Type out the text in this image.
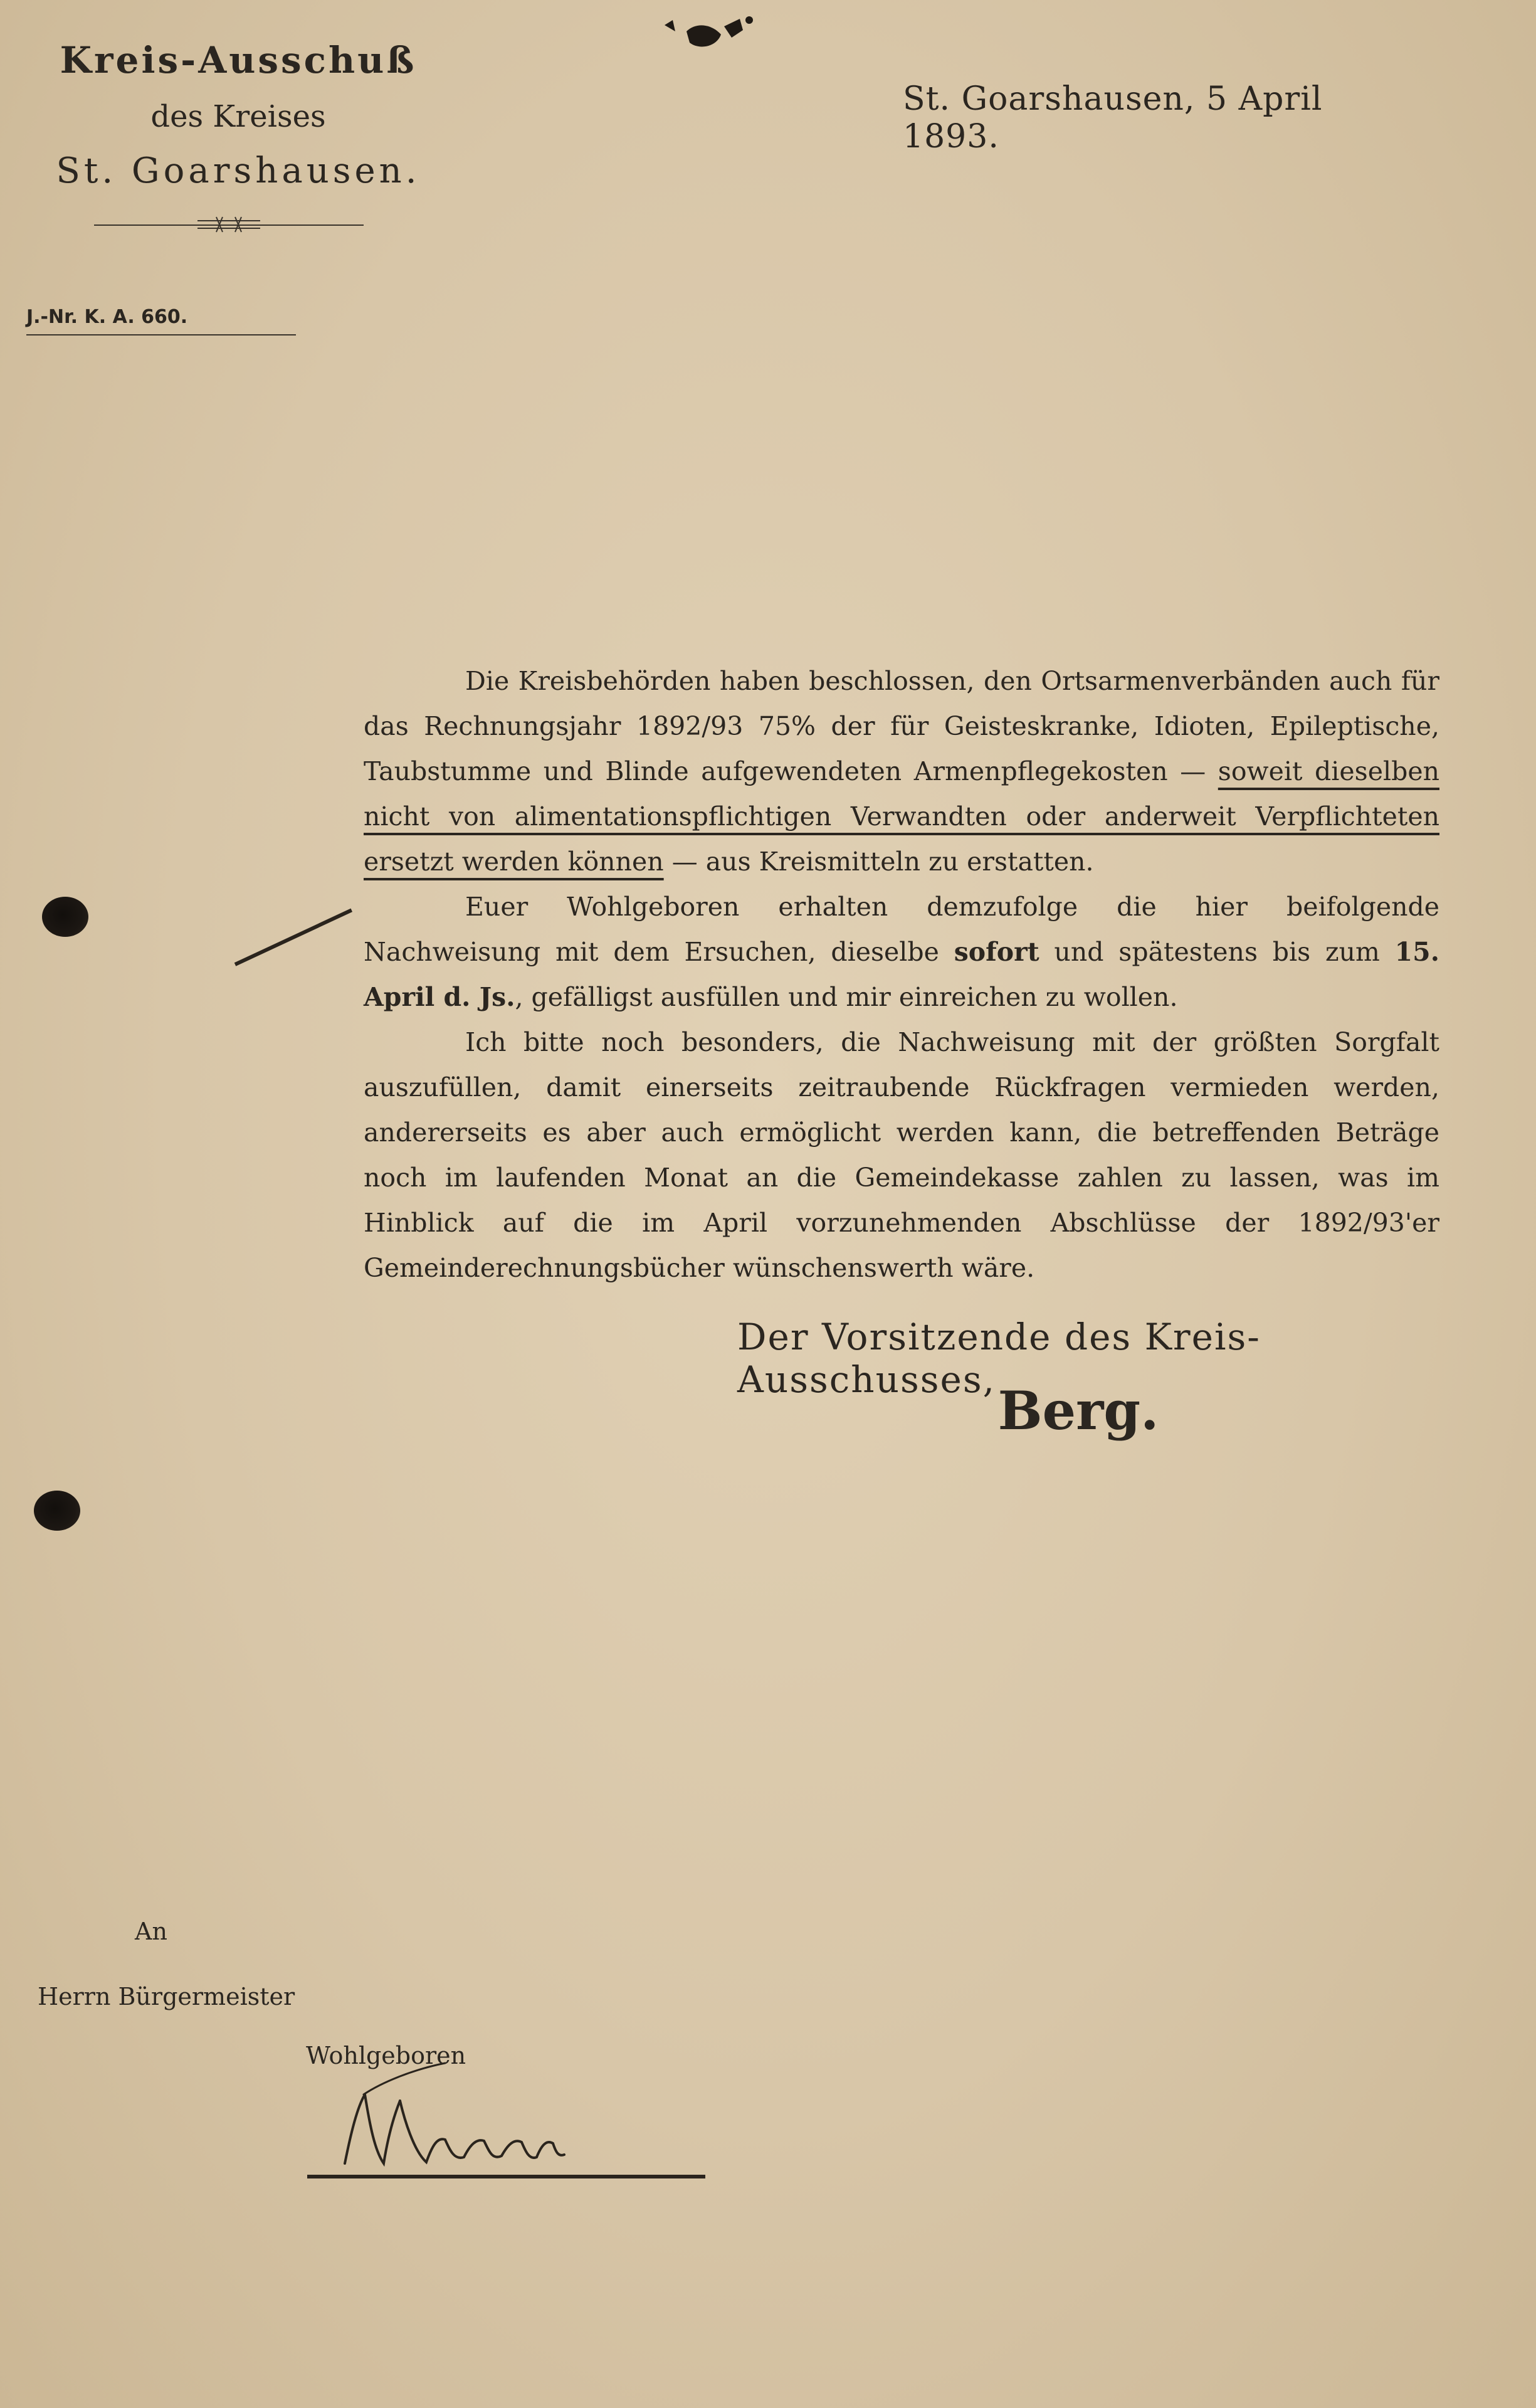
Kreis-Ausschuß
des Kreises
St. Goarshausen.
J.-Nr. K. A. 660.
St. Goarshausen, 5 April 1893.

Die Kreisbehörden haben beschlossen, den Ortsarmenverbänden auch für das Rechnungsjahr 1892/93 75% der für Geisteskranke, Idioten, Epileptische, Taubstumme und Blinde aufgewendeten Armenpflegekosten — soweit dieselben nicht von alimentationspflichtigen Verwandten oder anderweit Verpflichteten ersetzt werden können — aus Kreismitteln zu erstatten.

Euer Wohlgeboren erhalten demzufolge die hier beifolgende Nachweisung mit dem Ersuchen, dieselbe sofort und spätestens bis zum 15. April d. Js., gefälligst ausfüllen und mir einreichen zu wollen.

Ich bitte noch besonders, die Nachweisung mit der größten Sorgfalt auszufüllen, damit einerseits zeitraubende Rückfragen vermieden werden, andererseits es aber auch ermöglicht werden kann, die betreffenden Beträge noch im laufenden Monat an die Gemeindekasse zahlen zu lassen, was im Hinblick auf die im April vorzunehmenden Abschlüsse der 1892/93'er Gemeinderechnungsbücher wünschenswerth wäre.

Der Vorsitzende des Kreis-Ausschusses, Berg.
An
Herrn Bürgermeister
Wohlgeboren
